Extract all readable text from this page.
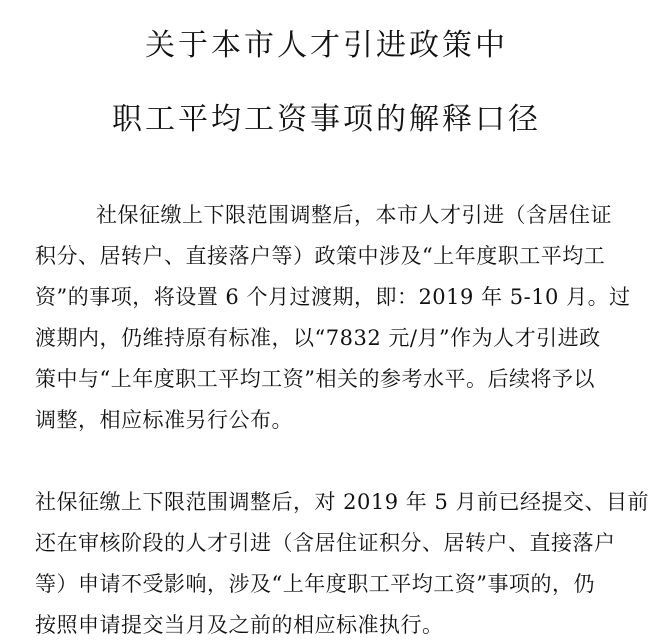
关于本市人才引进政策中
职工平均工资事项的解释口径
社保征缴上下限范围调整后，本市人才引进（含居住证
积分、居转户、直接落户等）政策中涉及“上年度职工平均工
资”的事项，将设置 6 个月过渡期，即：2019 年 5-10 月。过
渡期内，仍维持原有标准，以“7832 元/月”作为人才引进政
策中与“上年度职工平均工资”相关的参考水平。后续将予以
调整，相应标准另行公布。
社保征缴上下限范围调整后，对 2019 年 5 月前已经提交、目前
还在审核阶段的人才引进（含居住证积分、居转户、直接落户
等）申请不受影响，涉及“上年度职工平均工资”事项的，仍
按照申请提交当月及之前的相应标准执行。
